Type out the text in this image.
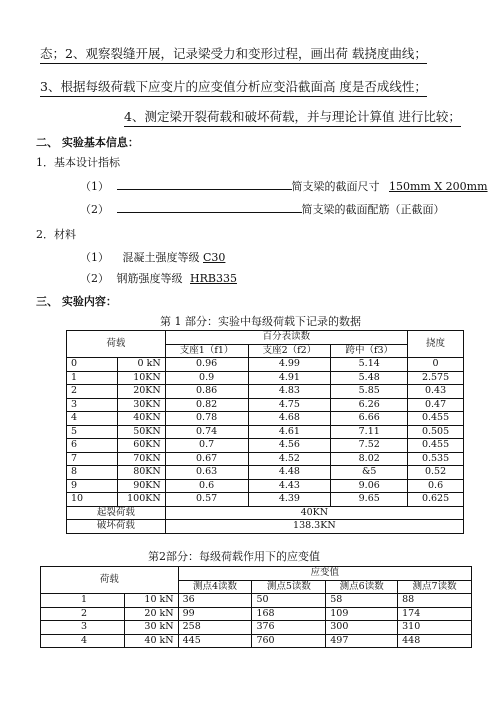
态；2、观察裂缝开展，记录梁受力和变形过程，画出荷 载挠度曲线；
3、根据每级荷载下应变片的应变值分析应变沿截面高 度是否成线性；
4、测定梁开裂荷载和破坏荷载，并与理论计算值 进行比较；
二、 实验基本信息：
1．基本设计指标
（1）	简支梁的截面尺寸 150mm X 200mm
（2）	简支梁的截面配筋（正截面）
2．材料
（1） 混凝土强度等级 C30
（2） 钢筋强度等级 HRB335
三、 实验内容：
第 1 部分：实验中每级荷载下记录的数据
荷载		百分表读数			挠度
		支座1（f1）	支座2（f2）	跨中（f3）	
0	0 kN	0.96	4.99	5.14	0
1	10KN	0.9	4.91	5.48	2.575
2	20KN	0.86	4.83	5.85	0.43
3	30KN	0.82	4.75	6.26	0.47
4	40KN	0.78	4.68	6.66	0.455
5	50KN	0.74	4.61	7.11	0.505
6	60KN	0.7	4.56	7.52	0.455
7	70KN	0.67	4.52	8.02	0.535
8	80KN	0.63	4.48	&5	0.52
9	90KN	0.6	4.43	9.06	0.6
10	100KN	0.57	4.39	9.65	0.625
起裂荷载		40KN			
破坏荷载		138.3KN			
第2部分：每级荷载作用下的应变值
荷载		应变值			
		测点4读数	测点5读数	测点6读数	测点7读数
1	10 kN	36	50	58	88
2	20 kN	99	168	109	174
3	30 kN	258	376	300	310
4	40 kN	445	760	497	448
